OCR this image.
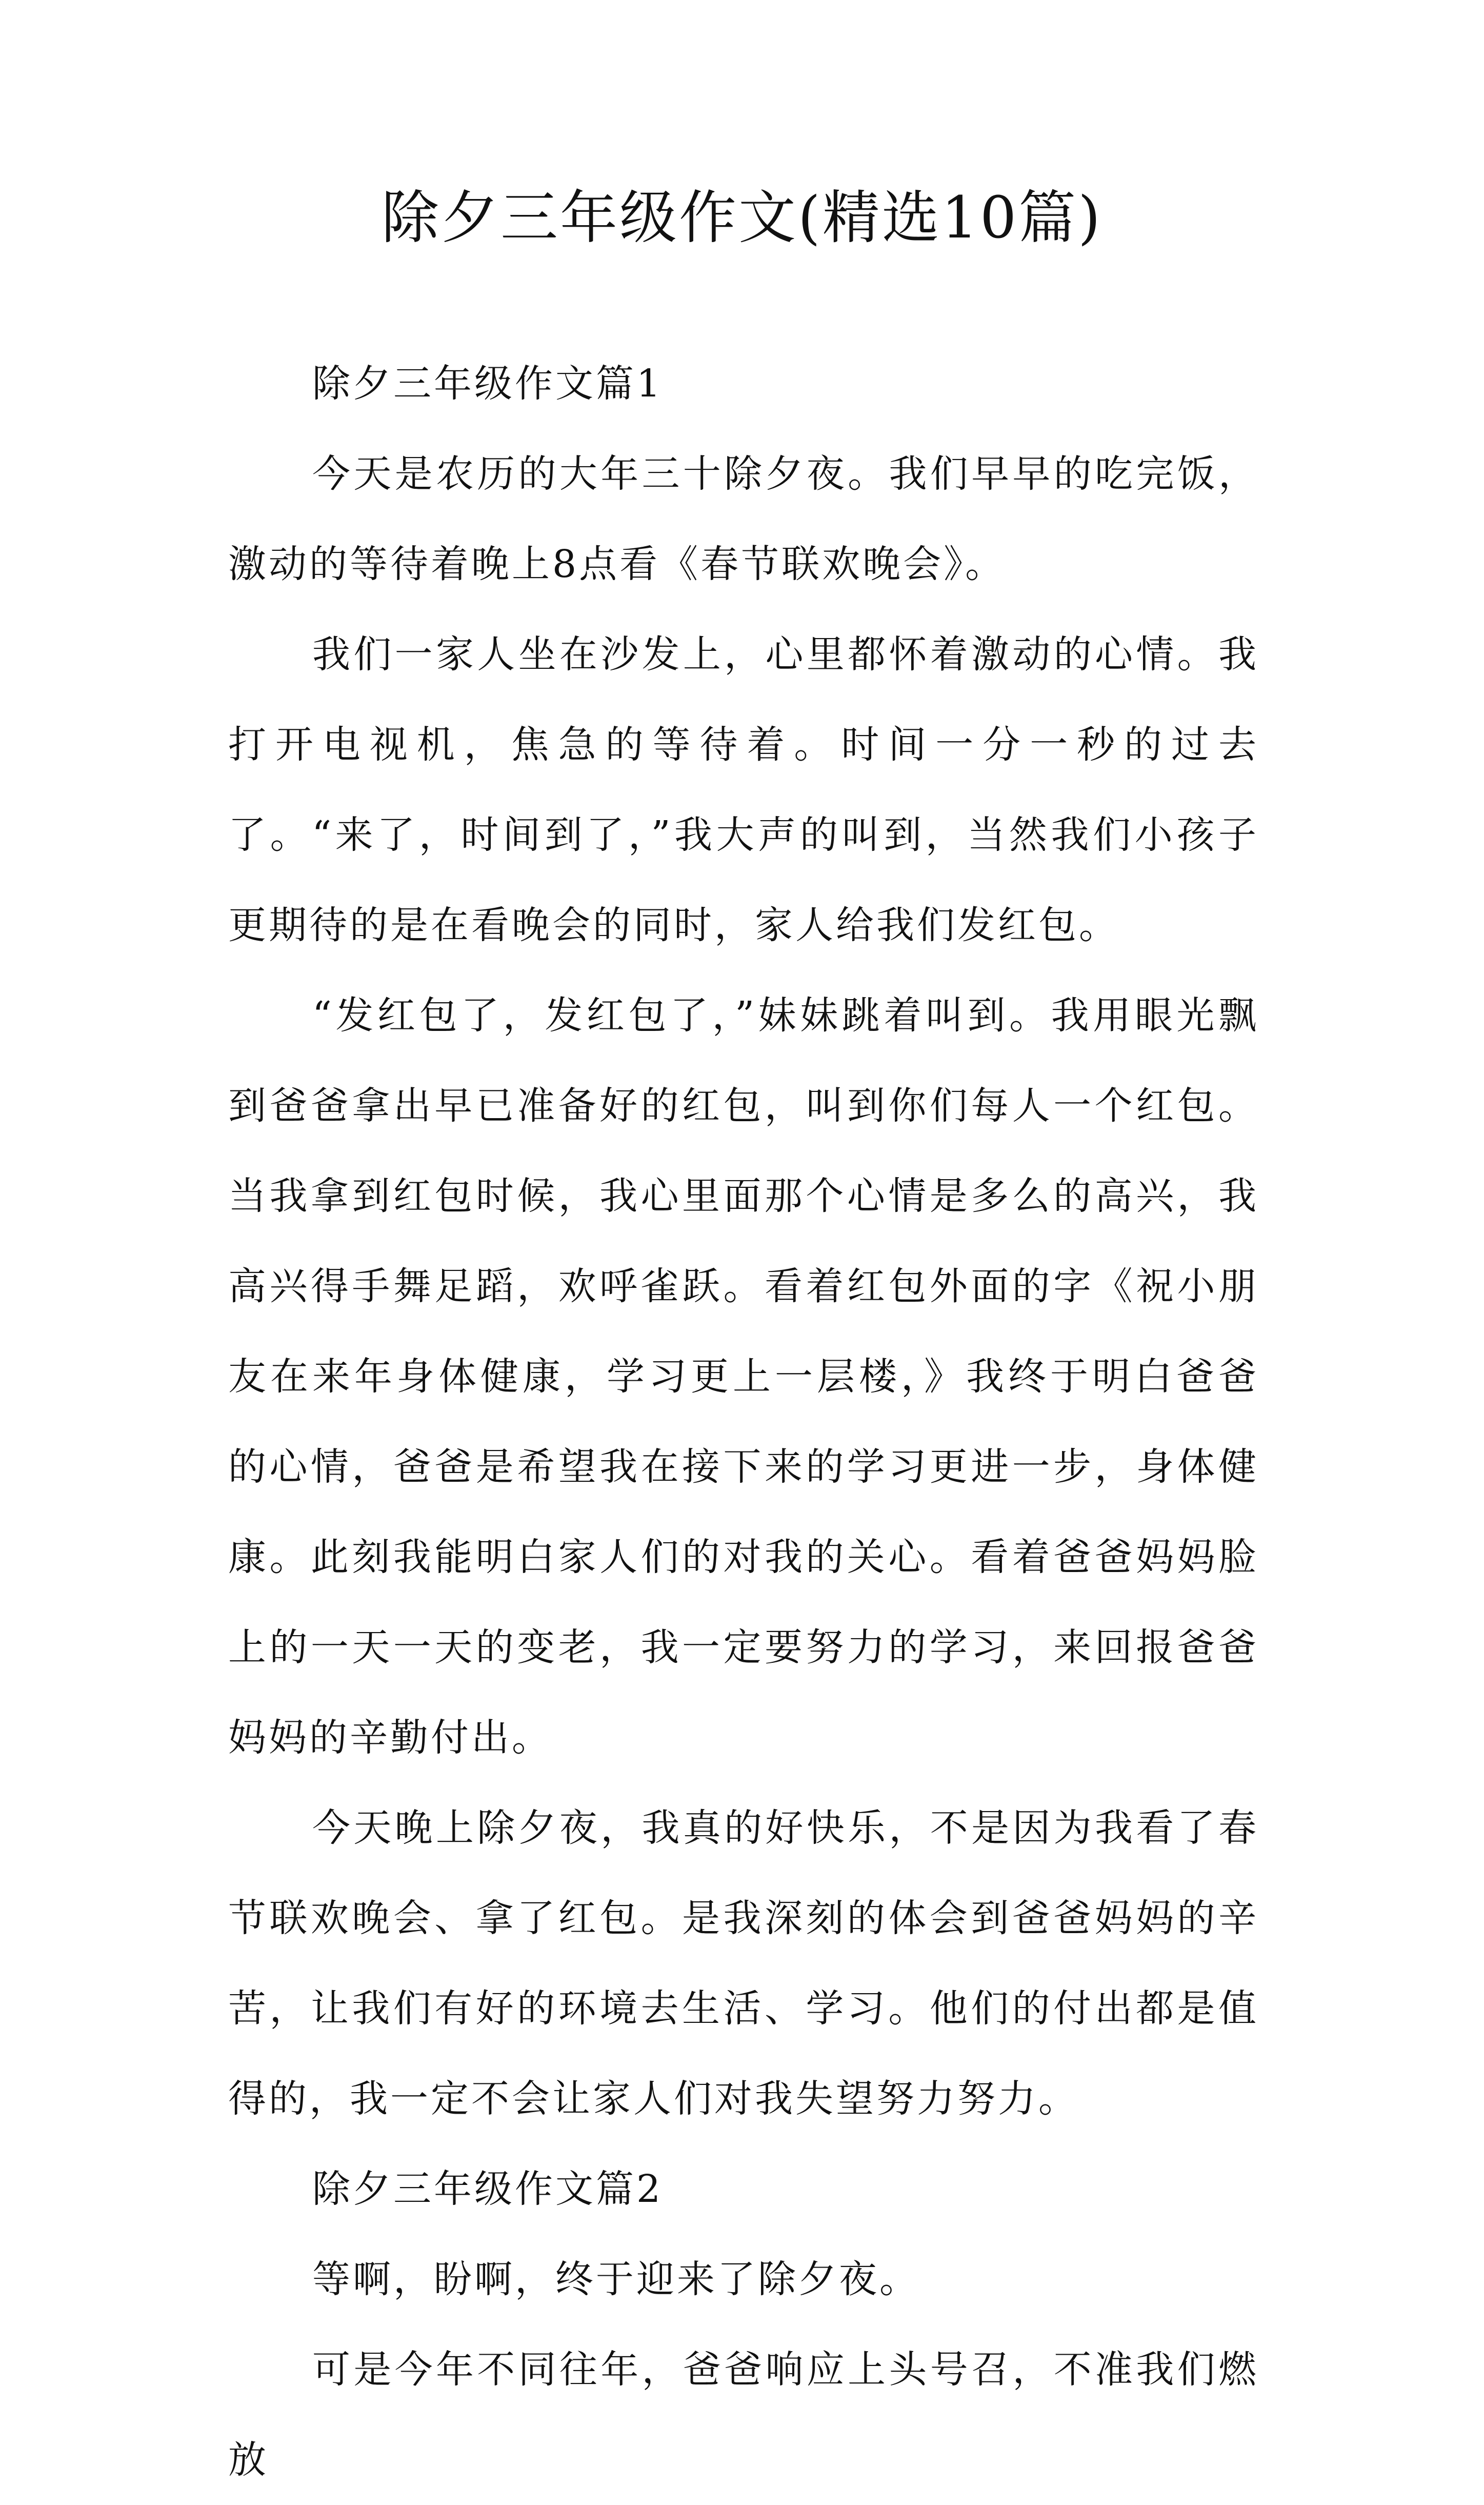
除夕三年级作文(精选10篇)

除夕三年级作文篇1

今天是农历的大年三十除夕夜。我们早早的吃完饭，激动的等待着晚上8点看《春节联欢晚会》。

我们一家人坐在沙发上，心里都怀着激动的心情。我打开电视机，焦急的等待着。时间一分一秒的过去了。“来了，时间到了，”我大声的叫到，当然我们小孩子更期待的是在看晚会的同时，家人给我们发红包。

“发红包了，发红包了，”妹妹跳着叫到。我用眼光飘到爸爸拿出早已准备好的红包，叫到你们每人一个红包。当我拿到红包时候，我心里面那个心情是多么的高兴，我高兴得手舞足蹈，欢呼雀跃。看着红包外面的字《祝小朋友在来年身体健康，学习更上一层楼，》我终于明白爸爸的心情，爸爸是希望我在接下来的学习更进一步，身体健康。此刻我能明白家人们的对我的关心。看着爸爸妈妈脸上的一天一天的变老，我一定要努力的学习，来回报爸爸妈妈的辛勤付出。

今天晚上除夕夜，我真的好快乐，不是因为我看了春节联欢晚会、拿了红包。是我深刻的体会到爸爸妈妈的辛苦，让我们有好的环境去生活、学习。他们的付出都是值得的，我一定不会让家人们对我失望努力努力。

除夕三年级作文篇2

等啊，盼啊，终于迎来了除夕夜。

可是今年不同往年，爸爸响应上头号召，不准我们燃放
